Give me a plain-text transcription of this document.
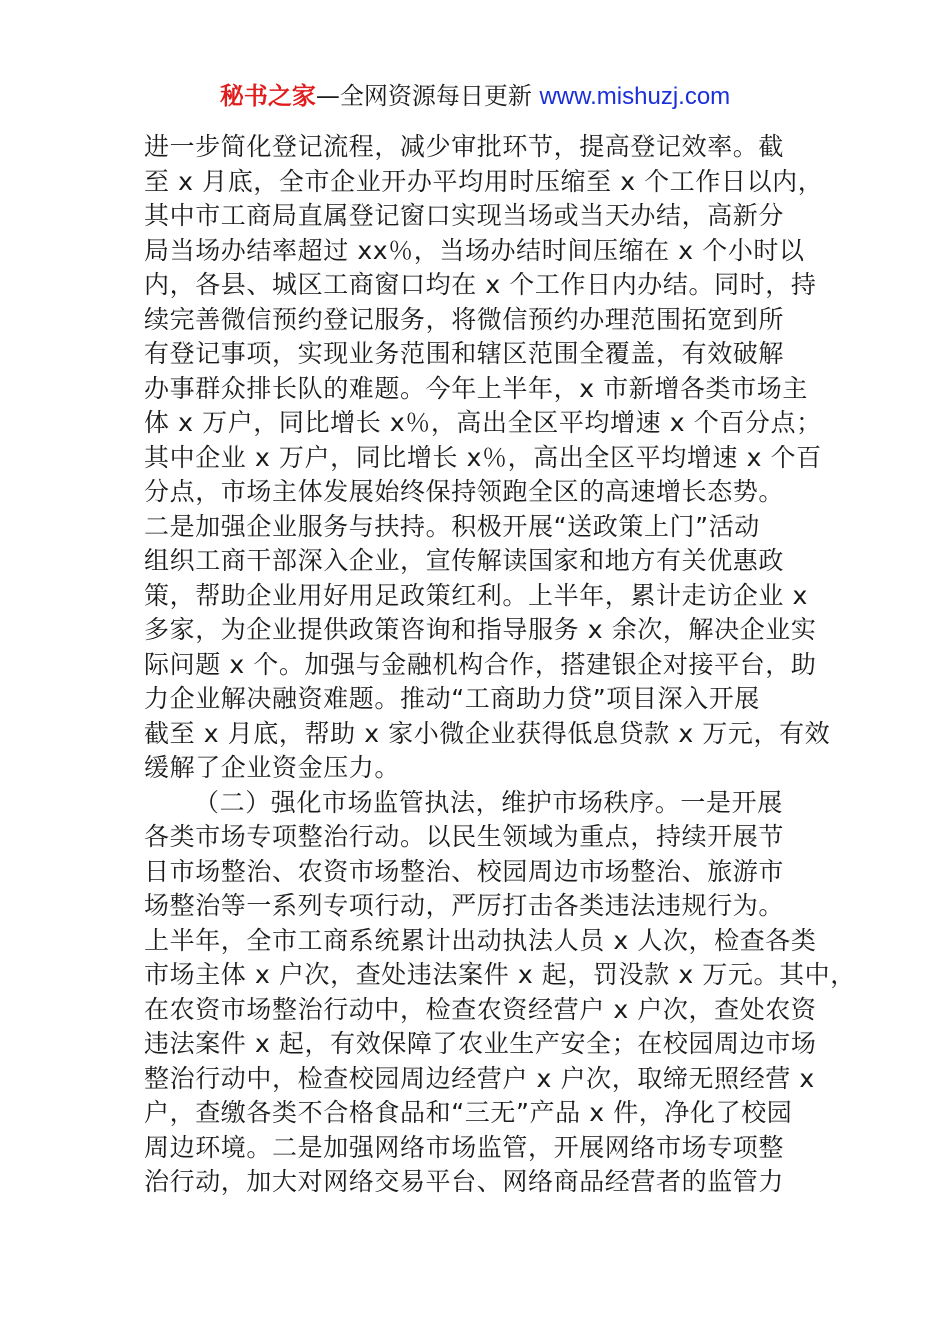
秘书之家—全网资源每日更新 www.mishuzj.com
进一步简化登记流程，减少审批环节，提高登记效率。截
至 x 月底，全市企业开办平均用时压缩至 x 个工作日以内，
其中市工商局直属登记窗口实现当场或当天办结，高新分
局当场办结率超过 xx％，当场办结时间压缩在 x 个小时以
内，各县、城区工商窗口均在 x 个工作日内办结。同时，持
续完善微信预约登记服务，将微信预约办理范围拓宽到所
有登记事项，实现业务范围和辖区范围全覆盖，有效破解
办事群众排长队的难题。今年上半年，x 市新增各类市场主
体 x 万户，同比增长 x％，高出全区平均增速 x 个百分点；
其中企业 x 万户，同比增长 x％，高出全区平均增速 x 个百
分点，市场主体发展始终保持领跑全区的高速增长态势。
二是加强企业服务与扶持。积极开展“送政策上门”活动
组织工商干部深入企业，宣传解读国家和地方有关优惠政
策，帮助企业用好用足政策红利。上半年，累计走访企业 x
多家，为企业提供政策咨询和指导服务 x 余次，解决企业实
际问题 x 个。加强与金融机构合作，搭建银企对接平台，助
力企业解决融资难题。推动“工商助力贷”项目深入开展
截至 x 月底，帮助 x 家小微企业获得低息贷款 x 万元，有效
缓解了企业资金压力。
（二）强化市场监管执法，维护市场秩序。一是开展
各类市场专项整治行动。以民生领域为重点，持续开展节
日市场整治、农资市场整治、校园周边市场整治、旅游市
场整治等一系列专项行动，严厉打击各类违法违规行为。
上半年，全市工商系统累计出动执法人员 x 人次，检查各类
市场主体 x 户次，查处违法案件 x 起，罚没款 x 万元。其中，
在农资市场整治行动中，检查农资经营户 x 户次，查处农资
违法案件 x 起，有效保障了农业生产安全；在校园周边市场
整治行动中，检查校园周边经营户 x 户次，取缔无照经营 x
户，查缴各类不合格食品和“三无”产品 x 件，净化了校园
周边环境。二是加强网络市场监管，开展网络市场专项整
治行动，加大对网络交易平台、网络商品经营者的监管力
